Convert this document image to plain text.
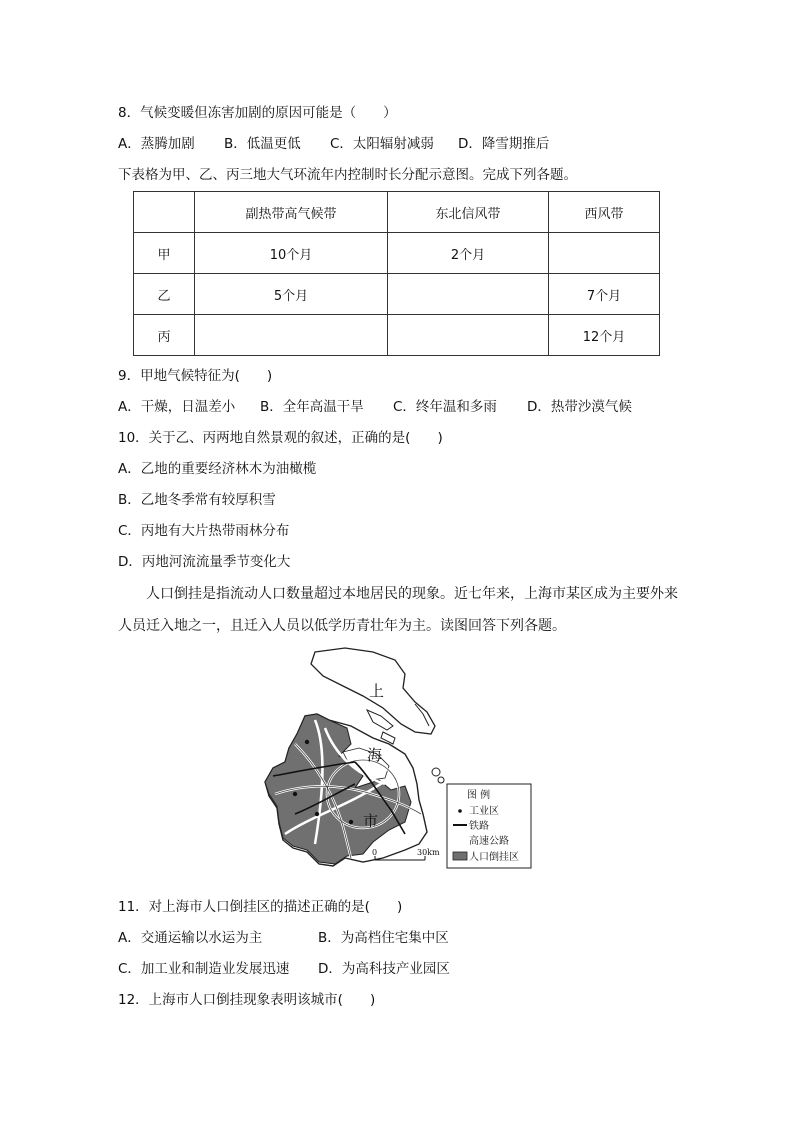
8．气候变暖但冻害加剧的原因可能是（　　）
A．蒸腾加剧 B．低温更低 C．太阳辐射减弱 D．降雪期推后
下表格为甲、乙、丙三地大气环流年内控制时长分配示意图。完成下列各题。
	副热带高气候带	东北信风带	西风带
甲	10个月	2个月	
乙	5个月		7个月
丙			12个月
9．甲地气候特征为(　　)
A．干燥，日温差小 B．全年高温干旱 C．终年温和多雨 D．热带沙漠气候
10．关于乙、丙两地自然景观的叙述，正确的是(　　)
A．乙地的重要经济林木为油橄榄
B．乙地冬季常有较厚积雪
C．丙地有大片热带雨林分布
D．丙地河流流量季节变化大
人口倒挂是指流动人口数量超过本地居民的现象。近七年来，上海市某区成为主要外来
人员迁入地之一，且迁入人员以低学历青壮年为主。读图回答下列各题。
上
海
市
0	30km
图 例
工业区
铁路
高速公路
人口倒挂区
11．对上海市人口倒挂区的描述正确的是(　　)
A．交通运输以水运为主	B．为高档住宅集中区
C．加工业和制造业发展迅速 D．为高科技产业园区
12．上海市人口倒挂现象表明该城市(　　)
